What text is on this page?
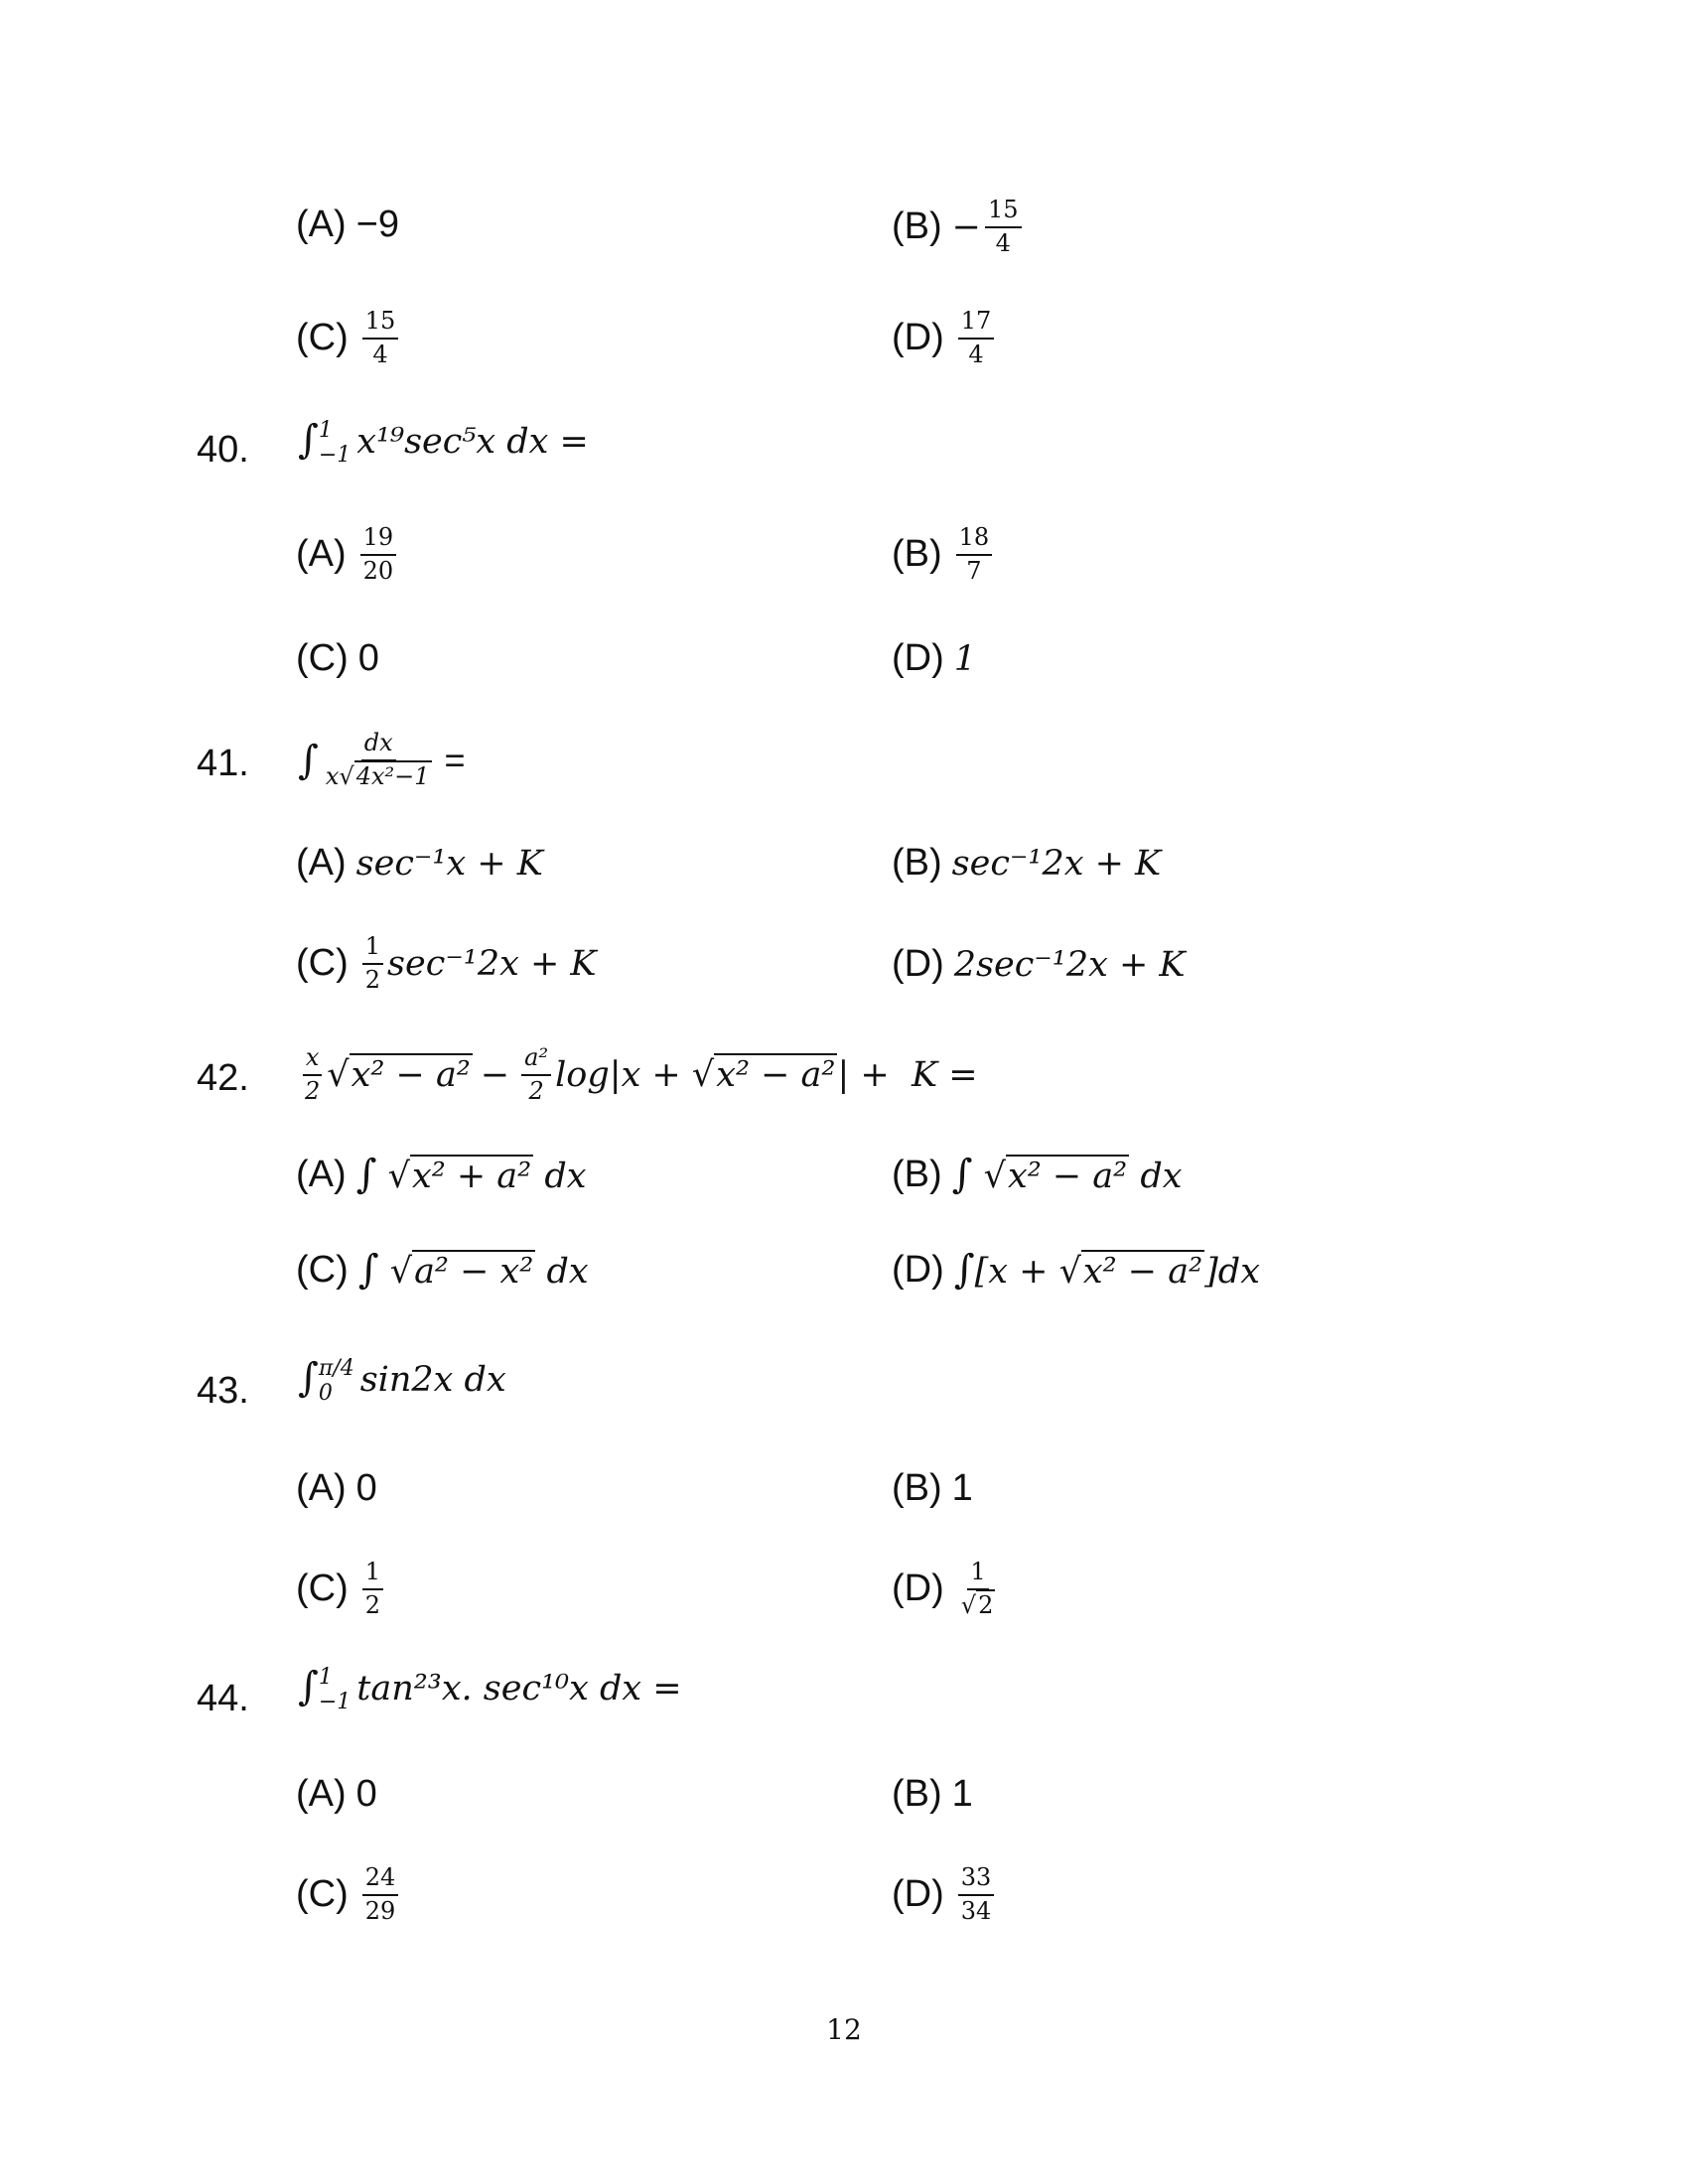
(A) −9	$(B) - \frac{15}{4}$
$(C) \frac{15}{4}$	$(D) \frac{17}{4}$
40. ∫ 1
−1 x¹⁹sec⁵x dx =
$(A) \frac{19}{20}$	$(B) \frac{18}{7}$
(C) 0	(D) 1
41. ∫ $\frac{dx}{\text{x√4x²−1}}$ =
(A) sec⁻¹x + K	(B) sec⁻¹2x + K
$(C) \frac{1}{2} \sec^{-1}2x + K$	(D) 2sec⁻¹2x + K
42. $\frac{x}{2}$ √ $x^2 - a^2 - \frac{\text{a²}}{2} \log|x$ + √ x² − a² | +  K =
(A) ∫ √x² + a² dx	(B) ∫ √x² − a² dx
(C) ∫ √a² − x² dx	(D) ∫[x + √x² − a²]dx
43. ∫ π/4
0 sin2x dx
(A) 0	(B) 1
$(C) \frac{1}{2}$	$(D) \frac{1}{√2}$
44. ∫ 1
−1 tan²³x. sec¹⁰x dx =
(A) 0	(B) 1
$(C) \frac{24}{29}$	$(D) \frac{33}{34}$
12
